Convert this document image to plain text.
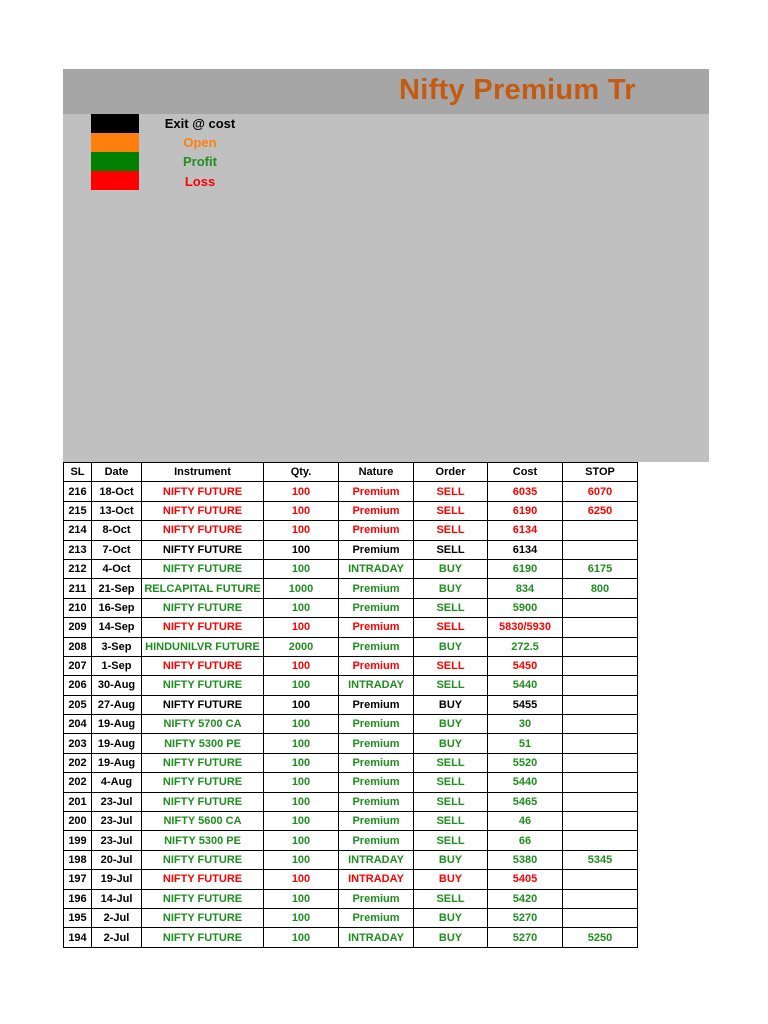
Nifty Premium Tr
Exit @ cost
Open
Profit
Loss
SL	Date	Instrument	Qty.	Nature	Order	Cost	STOP
216	18-Oct	NIFTY FUTURE	100	Premium	SELL	6035	6070
215	13-Oct	NIFTY FUTURE	100	Premium	SELL	6190	6250
214	8-Oct	NIFTY FUTURE	100	Premium	SELL	6134	
213	7-Oct	NIFTY FUTURE	100	Premium	SELL	6134	
212	4-Oct	NIFTY FUTURE	100	INTRADAY	BUY	6190	6175
211	21-Sep	RELCAPITAL FUTURE	1000	Premium	BUY	834	800
210	16-Sep	NIFTY FUTURE	100	Premium	SELL	5900	
209	14-Sep	NIFTY FUTURE	100	Premium	SELL	5830/5930	
208	3-Sep	HINDUNILVR FUTURE	2000	Premium	BUY	272.5	
207	1-Sep	NIFTY FUTURE	100	Premium	SELL	5450	
206	30-Aug	NIFTY FUTURE	100	INTRADAY	SELL	5440	
205	27-Aug	NIFTY FUTURE	100	Premium	BUY	5455	
204	19-Aug	NIFTY 5700 CA	100	Premium	BUY	30	
203	19-Aug	NIFTY 5300 PE	100	Premium	BUY	51	
202	19-Aug	NIFTY FUTURE	100	Premium	SELL	5520	
202	4-Aug	NIFTY FUTURE	100	Premium	SELL	5440	
201	23-Jul	NIFTY FUTURE	100	Premium	SELL	5465	
200	23-Jul	NIFTY 5600 CA	100	Premium	SELL	46	
199	23-Jul	NIFTY 5300 PE	100	Premium	SELL	66	
198	20-Jul	NIFTY FUTURE	100	INTRADAY	BUY	5380	5345
197	19-Jul	NIFTY FUTURE	100	INTRADAY	BUY	5405	
196	14-Jul	NIFTY FUTURE	100	Premium	SELL	5420	
195	2-Jul	NIFTY FUTURE	100	Premium	BUY	5270	
194	2-Jul	NIFTY FUTURE	100	INTRADAY	BUY	5270	5250
